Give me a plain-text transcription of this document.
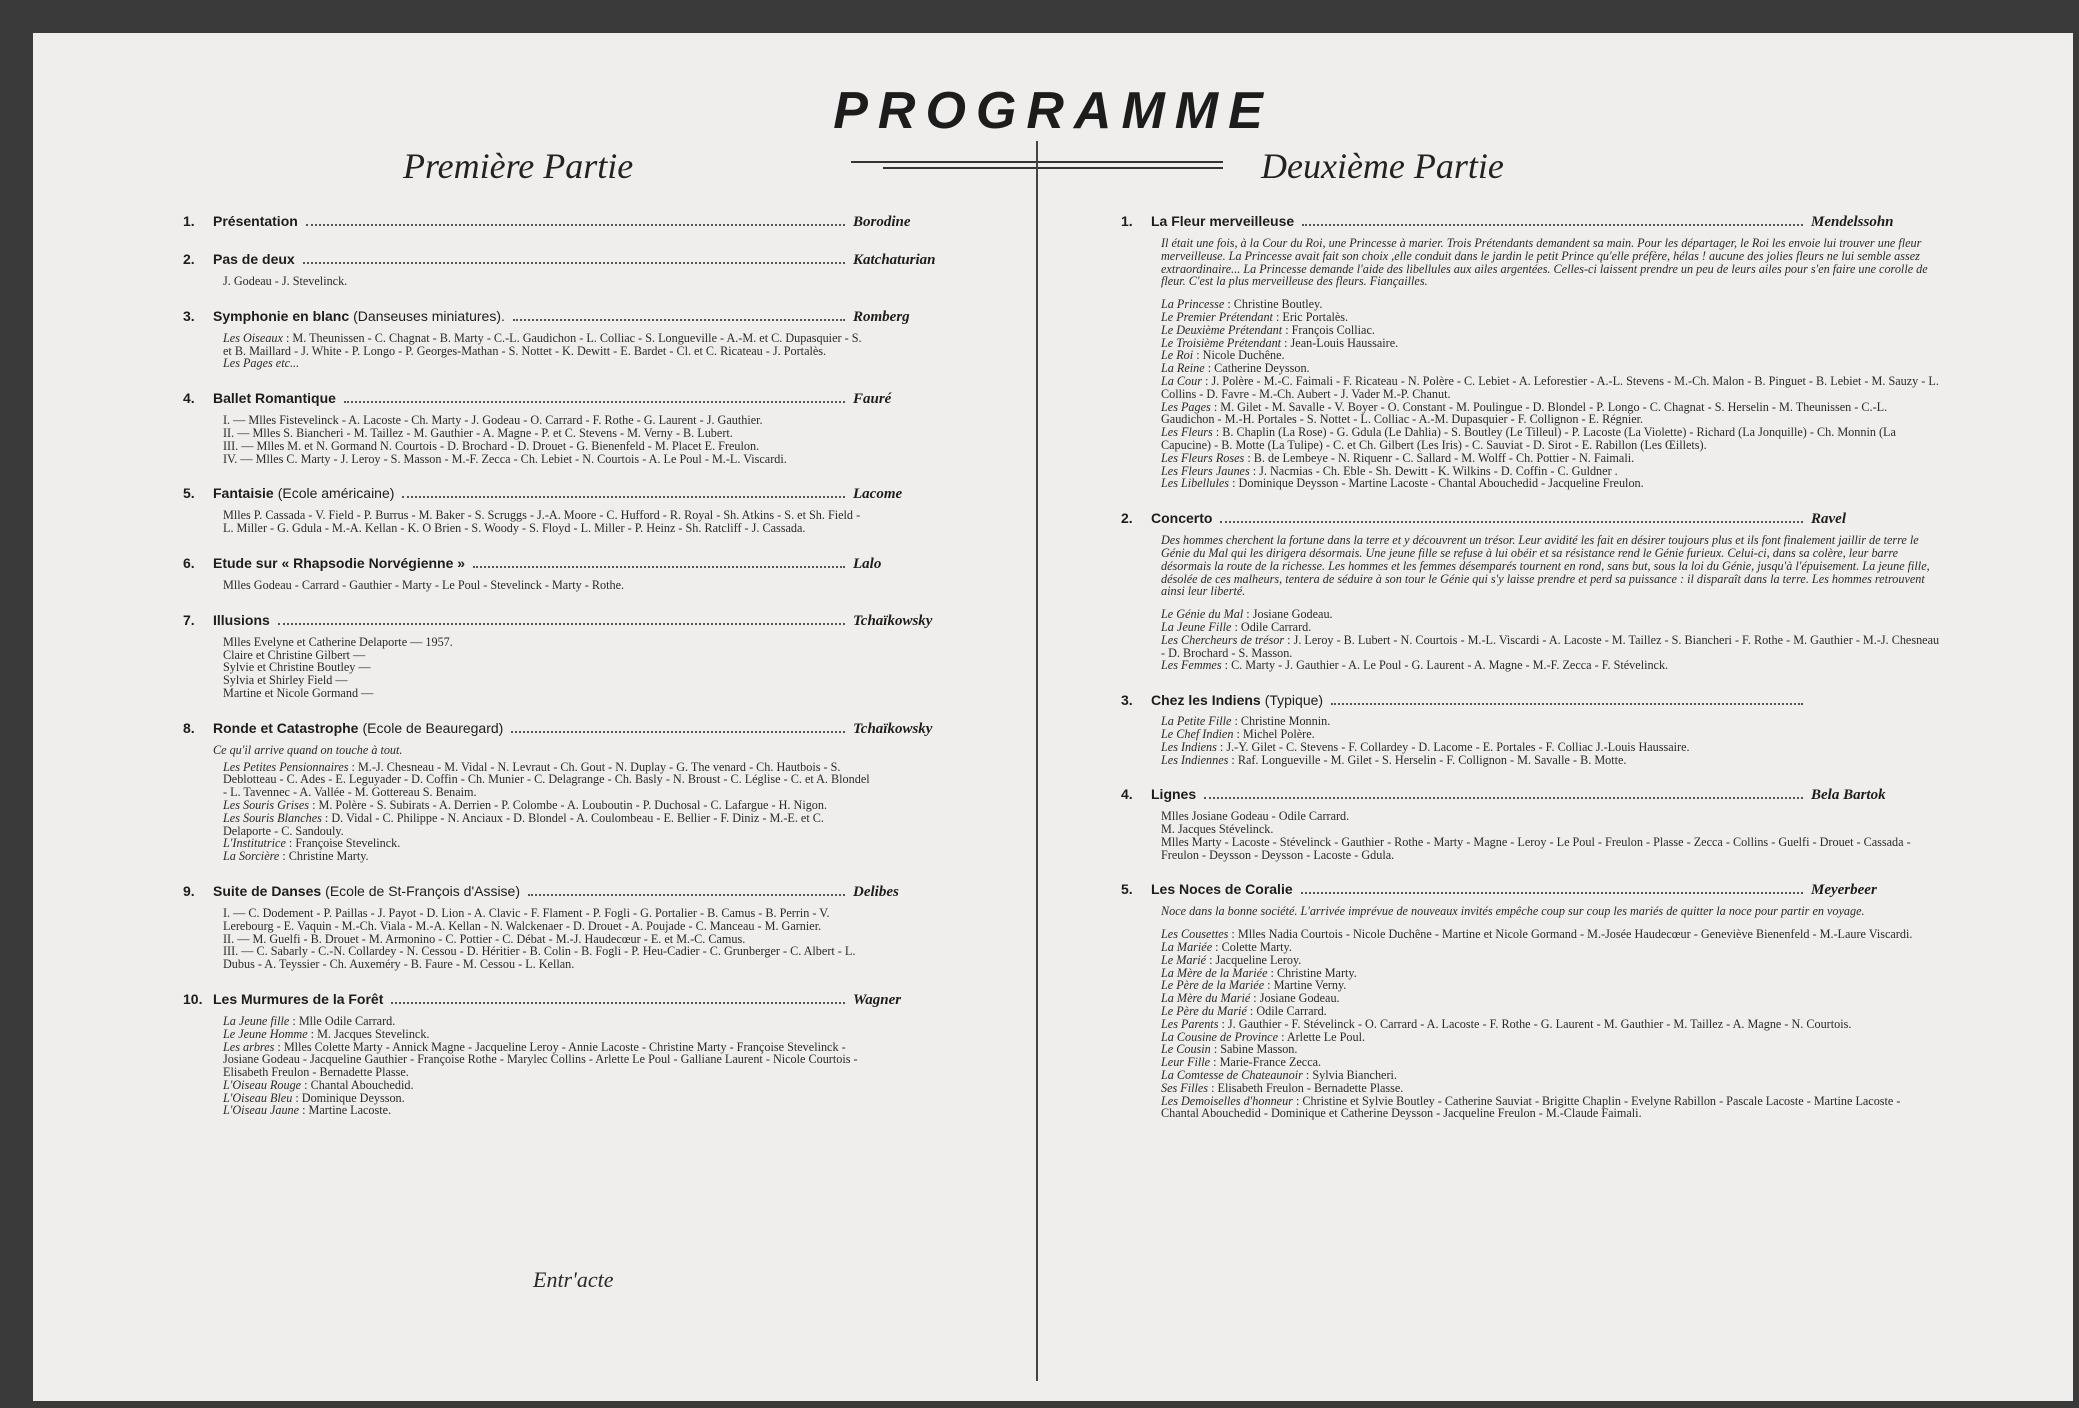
PROGRAMME
Première Partie
1.	Présentation	Borodine
2.	Pas de deux	Katchaturian
J. Godeau - J. Stevelinck.
3.	Symphonie en blanc (Danseuses miniatures).	Romberg
Les Oiseaux : M. Theunissen - C. Chagnat - B. Marty - C.-L. Gaudichon - L. Colliac - S. Longueville - A.-M. et C. Dupasquier - S. et B. Maillard - J. White - P. Longo - P. Georges-Mathan - S. Nottet - K. Dewitt - E. Bardet - Cl. et C. Ricateau - J. Portalès.
Les Pages etc...
4.	Ballet Romantique	Fauré
I. — Mlles Fistevelinck - A. Lacoste - Ch. Marty - J. Godeau - O. Carrard - F. Rothe - G. Laurent - J. Gauthier.
II. — Mlles S. Biancheri - M. Taillez - M. Gauthier - A. Magne - P. et C. Stevens - M. Verny - B. Lubert.
III. — Mlles M. et N. Gormand N. Courtois - D. Brochard - D. Drouet - G. Bienenfeld - M. Placet E. Freulon.
IV. — Mlles C. Marty - J. Leroy - S. Masson - M.-F. Zecca - Ch. Lebiet - N. Courtois - A. Le Poul - M.-L. Viscardi.
5.	Fantaisie (Ecole américaine)	Lacome
Mlles P. Cassada - V. Field - P. Burrus - M. Baker - S. Scruggs - J.-A. Moore - C. Hufford - R. Royal - Sh. Atkins - S. et Sh. Field - L. Miller - G. Gdula - M.-A. Kellan - K. O Brien - S. Woody - S. Floyd - L. Miller - P. Heinz - Sh. Ratcliff - J. Cassada.
6.	Etude sur « Rhapsodie Norvégienne »	Lalo
Mlles Godeau - Carrard - Gauthier - Marty - Le Poul - Stevelinck - Marty - Rothe.
7.	Illusions	Tchaïkowsky
Mlles Evelyne et Catherine Delaporte — 1957.
Claire et Christine Gilbert —
Sylvie et Christine Boutley —
Sylvia et Shirley Field —
Martine et Nicole Gormand —
8.	Ronde et Catastrophe (Ecole de Beauregard)	Tchaïkowsky
Ce qu'il arrive quand on touche à tout.
Les Petites Pensionnaires : M.-J. Chesneau - M. Vidal - N. Levraut - Ch. Gout - N. Duplay - G. The venard - Ch. Hautbois - S. Deblotteau - C. Ades - E. Leguyader - D. Coffin - Ch. Munier - C. Delagrange - Ch. Basly - N. Broust - C. Léglise - C. et A. Blondel - L. Tavennec - A. Vallée - M. Gottereau S. Benaim.
Les Souris Grises : M. Polère - S. Subirats - A. Derrien - P. Colombe - A. Louboutin - P. Duchosal - C. Lafargue - H. Nigon.
Les Souris Blanches : D. Vidal - C. Philippe - N. Anciaux - D. Blondel - A. Coulombeau - E. Bellier - F. Diniz - M.-E. et C. Delaporte - C. Sandouly.
L'Institutrice : Françoise Stevelinck.
La Sorcière : Christine Marty.
9.	Suite de Danses (Ecole de St-François d'Assise)	Delibes
I. — C. Dodement - P. Paillas - J. Payot - D. Lion - A. Clavic - F. Flament - P. Fogli - G. Portalier - B. Camus - B. Perrin - V. Lerebourg - E. Vaquin - M.-Ch. Viala - M.-A. Kellan - N. Walckenaer - D. Drouet - A. Poujade - C. Manceau - M. Garnier.
II. — M. Guelfi - B. Drouet - M. Armonino - C. Pottier - C. Débat - M.-J. Haudecœur - E. et M.-C. Camus.
III. — C. Sabarly - C.-N. Collardey - N. Cessou - D. Héritier - B. Colin - B. Fogli - P. Heu-Cadier - C. Grunberger - C. Albert - L. Dubus - A. Teyssier - Ch. Auxeméry - B. Faure - M. Cessou - L. Kellan.
10. Les Murmures de la Forêt	Wagner
La Jeune fille : Mlle Odile Carrard.
Le Jeune Homme : M. Jacques Stevelinck.
Les arbres : Mlles Colette Marty - Annick Magne - Jacqueline Leroy - Annie Lacoste - Christine Marty - Françoise Stevelinck - Josiane Godeau - Jacqueline Gauthier - Françoise Rothe - Marylec Collins - Arlette Le Poul - Galliane Laurent - Nicole Courtois - Elisabeth Freulon - Bernadette Plasse.
L'Oiseau Rouge : Chantal Abouchedid.
L'Oiseau Bleu : Dominique Deysson.
L'Oiseau Jaune : Martine Lacoste.
Entr'acte
Deuxième Partie
1.	La Fleur merveilleuse	Mendelssohn
Il était une fois, à la Cour du Roi, une Princesse à marier. Trois Prétendants demandent sa main. Pour les départager, le Roi les envoie lui trouver une fleur merveilleuse. La Princesse avait fait son choix ,elle conduit dans le jardin le petit Prince qu'elle préfère, hélas ! aucune des jolies fleurs ne lui semble assez extraordinaire... La Princesse demande l'aide des libellules aux ailes argentées. Celles-ci laissent prendre un peu de leurs ailes pour s'en faire une corolle de fleur. C'est la plus merveilleuse des fleurs. Fiançailles.
La Princesse : Christine Boutley.
Le Premier Prétendant : Eric Portalès.
Le Deuxième Prétendant : François Colliac.
Le Troisième Prétendant : Jean-Louis Haussaire.
Le Roi : Nicole Duchêne.
La Reine : Catherine Deysson.
La Cour : J. Polère - M.-C. Faimali - F. Ricateau - N. Polère - C. Lebiet - A. Leforestier - A.-L. Stevens - M.-Ch. Malon - B. Pinguet - B. Lebiet - M. Sauzy - L. Collins - D. Favre - M.-Ch. Aubert - J. Vader M.-P. Chanut.
Les Pages : M. Gilet - M. Savalle - V. Boyer - O. Constant - M. Poulingue - D. Blondel - P. Longo - C. Chagnat - S. Herselin - M. Theunissen - C.-L. Gaudichon - M.-H. Portales - S. Nottet - L. Colliac - A.-M. Dupasquier - F. Collignon - E. Régnier.
Les Fleurs : B. Chaplin (La Rose) - G. Gdula (Le Dahlia) - S. Boutley (Le Tilleul) - P. Lacoste (La Violette) - Richard (La Jonquille) - Ch. Monnin (La Capucine) - B. Motte (La Tulipe) - C. et Ch. Gilbert (Les Iris) - C. Sauviat - D. Sirot - E. Rabillon (Les Œillets).
Les Fleurs Roses : B. de Lembeye - N. Riquenr - C. Sallard - M. Wolff - Ch. Pottier - N. Faimali.
Les Fleurs Jaunes : J. Nacmias - Ch. Eble - Sh. Dewitt - K. Wilkins - D. Coffin - C. Guldner .
Les Libellules : Dominique Deysson - Martine Lacoste - Chantal Abouchedid - Jacqueline Freulon.
2.	Concerto	Ravel
Des hommes cherchent la fortune dans la terre et y découvrent un trésor. Leur avidité les fait en désirer toujours plus et ils font finalement jaillir de terre le Génie du Mal qui les dirigera désormais. Une jeune fille se refuse à lui obéir et sa résistance rend le Génie furieux. Celui-ci, dans sa colère, leur barre désormais la route de la richesse. Les hommes et les femmes désemparés tournent en rond, sans but, sous la loi du Génie, jusqu'à l'épuisement. La jeune fille, désolée de ces malheurs, tentera de séduire à son tour le Génie qui s'y laisse prendre et perd sa puissance : il disparaît dans la terre. Les hommes retrouvent ainsi leur liberté.
Le Génie du Mal : Josiane Godeau.
La Jeune Fille : Odile Carrard.
Les Chercheurs de trésor : J. Leroy - B. Lubert - N. Courtois - M.-L. Viscardi - A. Lacoste - M. Taillez - S. Biancheri - F. Rothe - M. Gauthier - M.-J. Chesneau - D. Brochard - S. Masson.
Les Femmes : C. Marty - J. Gauthier - A. Le Poul - G. Laurent - A. Magne - M.-F. Zecca - F. Stévelinck.
3.	Chez les Indiens (Typique)
La Petite Fille : Christine Monnin.
Le Chef Indien : Michel Polère.
Les Indiens : J.-Y. Gilet - C. Stevens - F. Collardey - D. Lacome - E. Portales - F. Colliac J.-Louis Haussaire.
Les Indiennes : Raf. Longueville - M. Gilet - S. Herselin - F. Collignon - M. Savalle - B. Motte.
4.	Lignes	Bela Bartok
Mlles Josiane Godeau - Odile Carrard.
M. Jacques Stévelinck.
Mlles Marty - Lacoste - Stévelinck - Gauthier - Rothe - Marty - Magne - Leroy - Le Poul - Freulon - Plasse - Zecca - Collins - Guelfi - Drouet - Cassada - Freulon - Deysson - Deysson - Lacoste - Gdula.
5.	Les Noces de Coralie	Meyerbeer
Noce dans la bonne société. L'arrivée imprévue de nouveaux invités empêche coup sur coup les mariés de quitter la noce pour partir en voyage.
Les Cousettes : Mlles Nadia Courtois - Nicole Duchêne - Martine et Nicole Gormand - M.-Josée Haudecœur - Geneviève Bienenfeld - M.-Laure Viscardi.
La Mariée : Colette Marty.
Le Marié : Jacqueline Leroy.
La Mère de la Mariée : Christine Marty.
Le Père de la Mariée : Martine Verny.
La Mère du Marié : Josiane Godeau.
Le Père du Marié : Odile Carrard.
Les Parents : J. Gauthier - F. Stévelinck - O. Carrard - A. Lacoste - F. Rothe - G. Laurent - M. Gauthier - M. Taillez - A. Magne - N. Courtois.
La Cousine de Province : Arlette Le Poul.
Le Cousin : Sabine Masson.
Leur Fille : Marie-France Zecca.
La Comtesse de Chateaunoir : Sylvia Biancheri.
Ses Filles : Elisabeth Freulon - Bernadette Plasse.
Les Demoiselles d'honneur : Christine et Sylvie Boutley - Catherine Sauviat - Brigitte Chaplin - Evelyne Rabillon - Pascale Lacoste - Martine Lacoste - Chantal Abouchedid - Dominique et Catherine Deysson - Jacqueline Freulon - M.-Claude Faimali.
